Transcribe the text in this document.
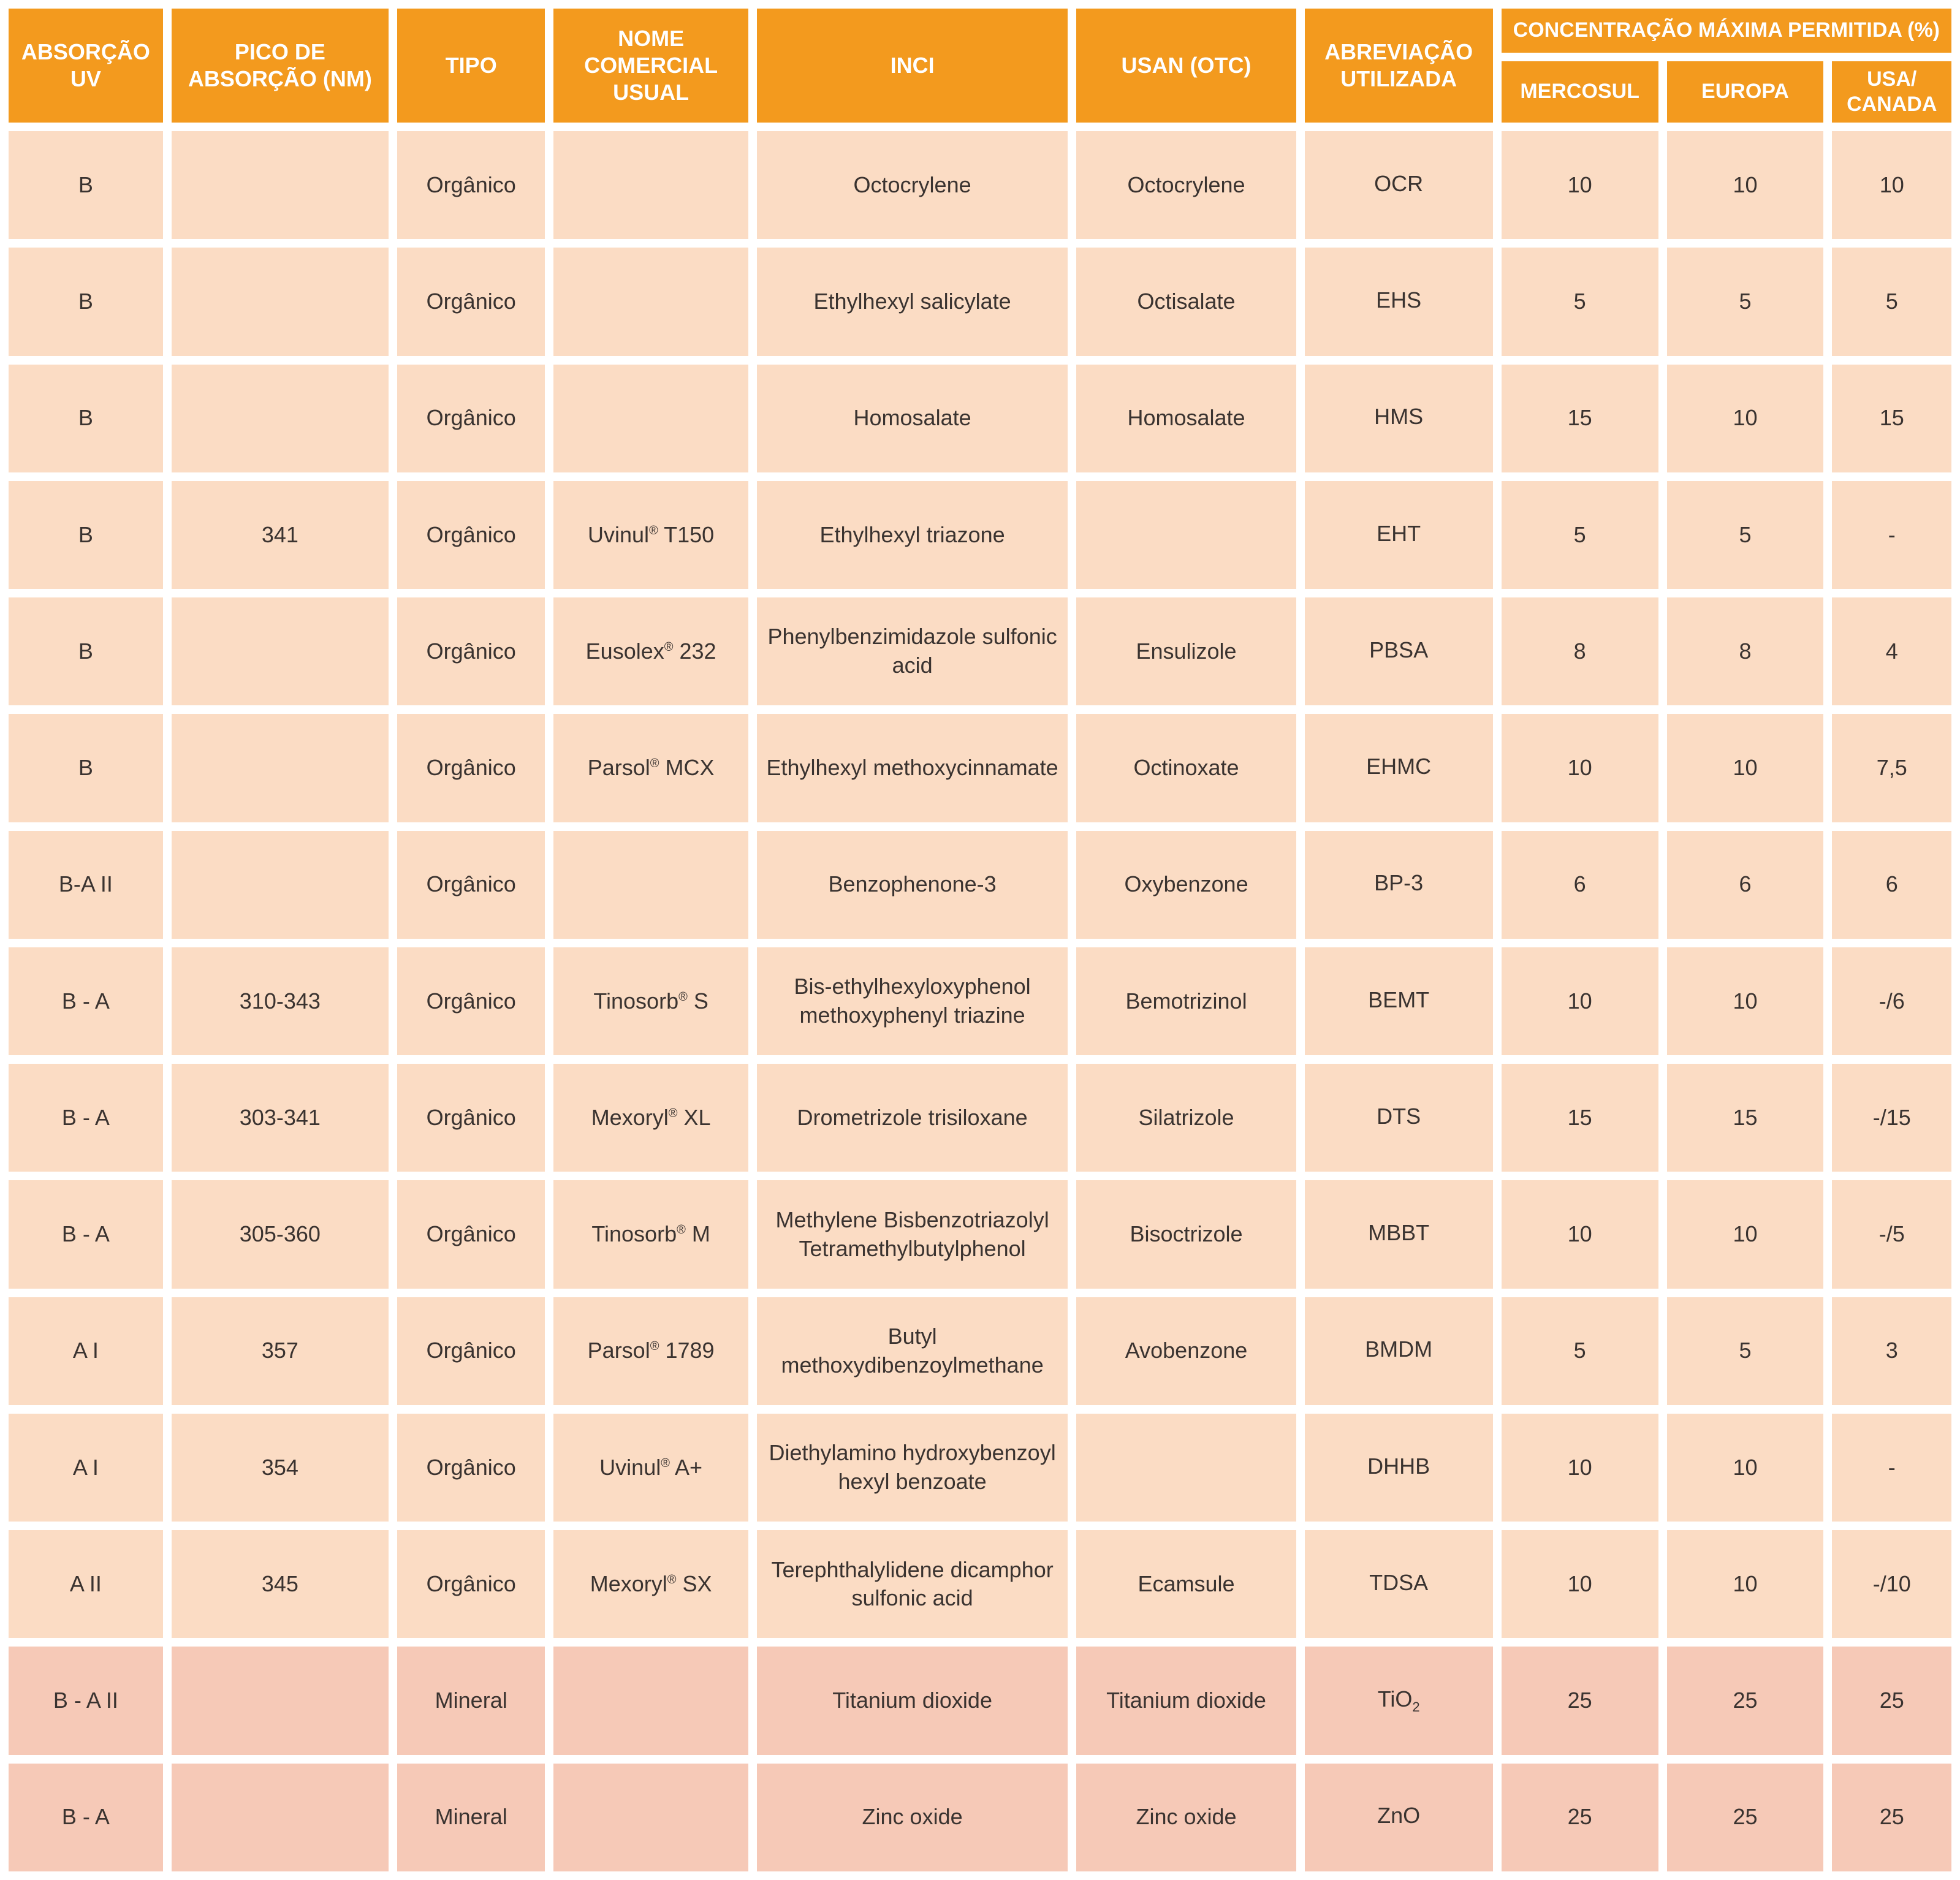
ABSORÇÃO UV	PICO DE ABSORÇÃO (NM)	TIPO	NOME COMERCIAL USUAL	INCI	USAN (OTC)	ABREVIAÇÃO UTILIZADA	CONCENTRAÇÃO MÁXIMA PERMITIDA (%)		
							MERCOSUL	EUROPA	USA/ CANADA
B		Orgânico		Octocrylene	Octocrylene	OCR	10	10	10
B		Orgânico		Ethylhexyl salicylate	Octisalate	EHS	5	5	5
B		Orgânico		Homosalate	Homosalate	HMS	15	10	15
B	341	Orgânico	Uvinul® T150	Ethylhexyl triazone		EHT	5	5	-
B		Orgânico	Eusolex® 232	Phenylbenzimidazole sulfonic acid	Ensulizole	PBSA	8	8	4
B		Orgânico	Parsol® MCX	Ethylhexyl methoxycinnamate	Octinoxate	EHMC	10	10	7,5
B-A II		Orgânico		Benzophenone-3	Oxybenzone	BP-3	6	6	6
B - A	310-343	Orgânico	Tinosorb® S	Bis-ethylhexyloxyphenol methoxyphenyl triazine	Bemotrizinol	BEMT	10	10	-/6
B - A	303-341	Orgânico	Mexoryl® XL	Drometrizole trisiloxane	Silatrizole	DTS	15	15	-/15
B - A	305-360	Orgânico	Tinosorb® M	Methylene Bisbenzotriazolyl Tetramethylbutylphenol	Bisoctrizole	MBBT	10	10	-/5
A I	357	Orgânico	Parsol® 1789	Butyl methoxydibenzoylmethane	Avobenzone	BMDM	5	5	3
A I	354	Orgânico	Uvinul® A+	Diethylamino hydroxybenzoyl hexyl benzoate		DHHB	10	10	-
A II	345	Orgânico	Mexoryl® SX	Terephthalylidene dicamphor sulfonic acid	Ecamsule	TDSA	10	10	-/10
B - A II		Mineral		Titanium dioxide	Titanium dioxide	TiO$_2$	25	25	25
B - A		Mineral		Zinc oxide	Zinc oxide	ZnO	25	25	25
